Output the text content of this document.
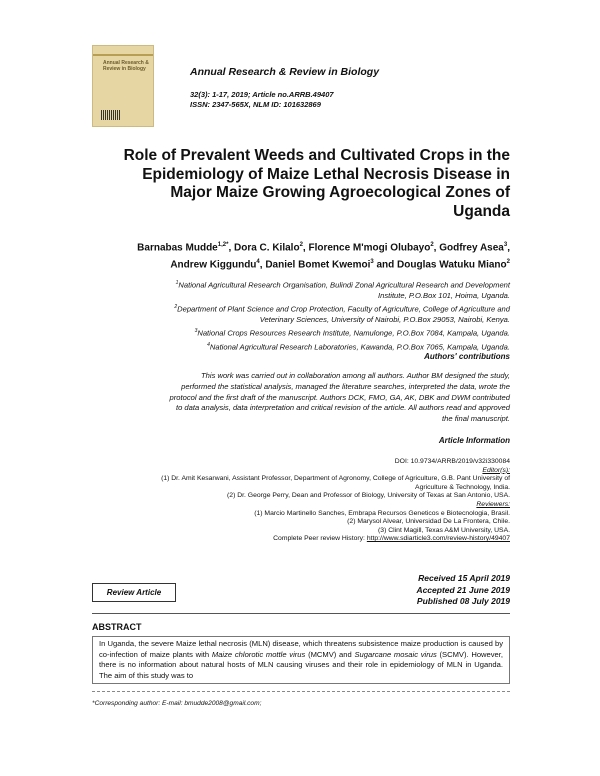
Annual Research &
Review in Biology	Annual Research & Review in Biology
32(3): 1-17, 2019; Article no.ARRB.49407
ISSN: 2347-565X, NLM ID: 101632869
Role of Prevalent Weeds and Cultivated Crops in the
Epidemiology of Maize Lethal Necrosis Disease in
Major Maize Growing Agroecological Zones of
Uganda
Barnabas Mudde$^{1,2*}$, Dora C. Kilalo$^2$, Florence M'mogi Olubayo$^2$, Godfrey Asea$^3$,
Andrew Kiggundu$^4$, Daniel Bomet Kwemoi$^3$ and Douglas Watuku Miano$^2$
$^1$National Agricultural Research Organisation, Bulindi Zonal Agricultural Research and Development
Institute, P.O.Box 101, Hoima, Uganda.
$^2$Department of Plant Science and Crop Protection, Faculty of Agriculture, College of Agriculture and
Veterinary Sciences, University of Nairobi, P.O.Box 29053, Nairobi, Kenya.
$^3$National Crops Resources Research Institute, Namulonge, P.O.Box 7084, Kampala, Uganda.
$^4$National Agricultural Research Laboratories, Kawanda, P.O.Box 7065, Kampala, Uganda.
Authors' contributions
This work was carried out in collaboration among all authors. Author BM designed the study,
performed the statistical analysis, managed the literature searches, interpreted the data, wrote the
protocol and the first draft of the manuscript. Authors DCK, FMO, GA, AK, DBK and DWM contributed
to data analysis, data interpretation and critical revision of the article. All authors read and approved
the final manuscript.
Article Information
DOI: 10.9734/ARRB/2019/v32i330084
Editor(s):
(1) Dr. Amit Kesarwani, Assistant Professor, Department of Agronomy, College of Agriculture, G.B. Pant University of
Agriculture & Technology, India.
(2) Dr. George Perry, Dean and Professor of Biology, University of Texas at San Antonio, USA.
Reviewers:
(1) Marcio Martinello Sanches, Embrapa Recursos Geneticos e Biotecnologia, Brasil.
(2) Marysol Alvear, Universidad De La Frontera, Chile.
(3) Clint Magill, Texas A&M University, USA.
Complete Peer review History: http://www.sdiarticle3.com/review-history/49407
Review Article
Received 15 April 2019
Accepted 21 June 2019
Published 08 July 2019
ABSTRACT
In Uganda, the severe Maize lethal necrosis (MLN) disease, which threatens subsistence maize production is caused by co-infection of maize plants with Maize chlorotic mottle virus (MCMV) and Sugarcane mosaic virus (SCMV). However, there is no information about natural hosts of MLN causing viruses and their role in epidemiology of MLN in Uganda. The aim of this study was to
*Corresponding author: E-mail: bmudde2008@gmail.com;
